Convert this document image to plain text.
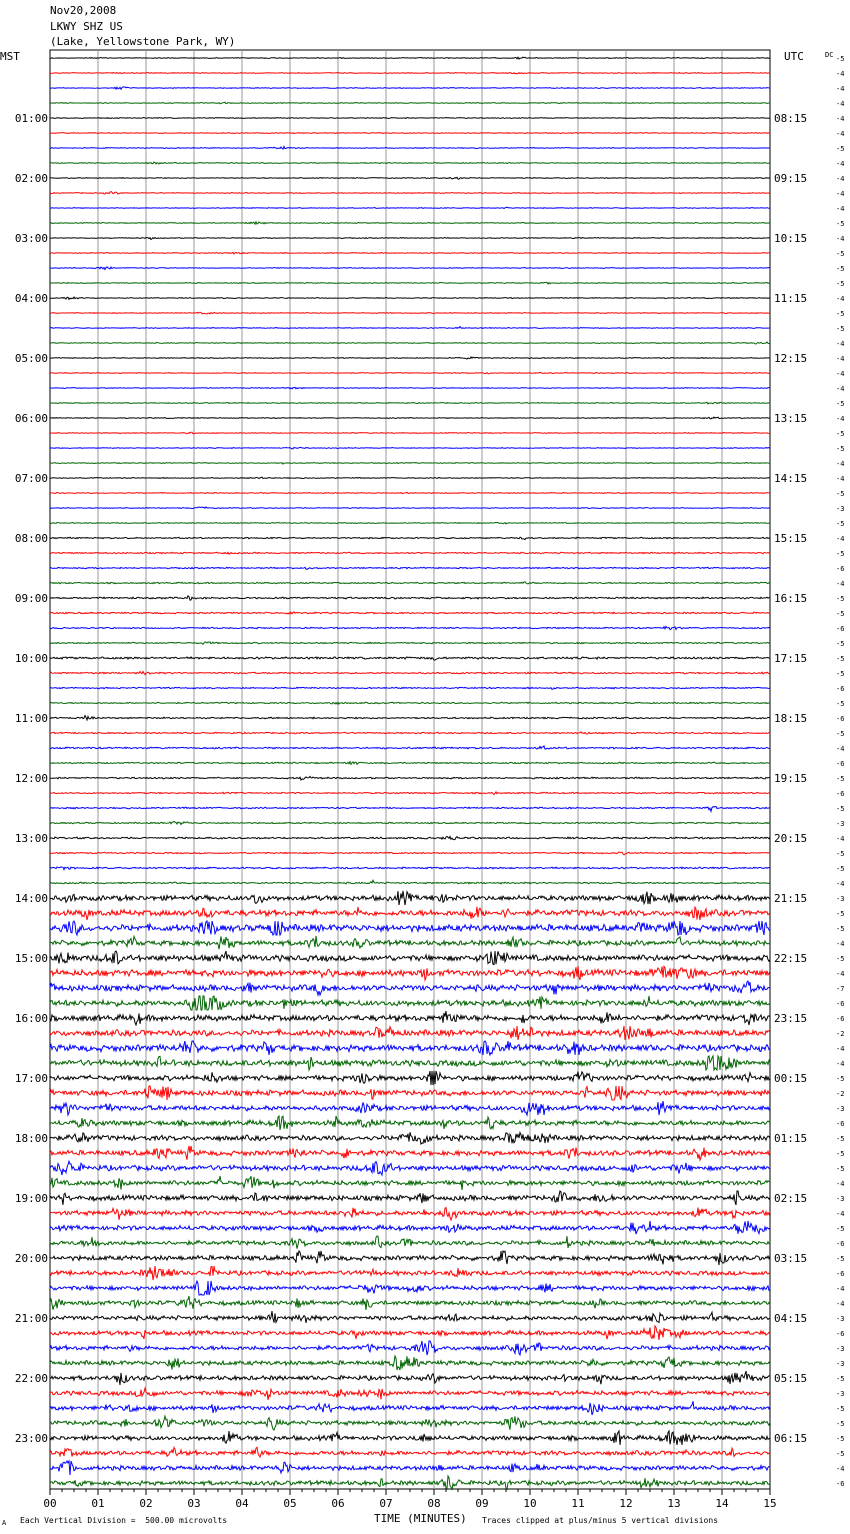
Nov20,2008
LKWY SHZ US
(Lake, Yellowstone Park, WY)
MST	UTC	DC -5
-4
-4
-4
-4
-4
-5
-4
-4
-4
-4
-5
-4
-5
-5
-5
-4
-5
-5
-4
-4
-4
-4
-5
-4
-5
-5
-4
-4
-5
-3
-5
-4
-5
-6
-4
-5
-5
-6
-5
-5
-5
-6
-5
-6
-5
-4
-6
-5
-6
-5
-3
-4
-5
-5
-4
-3
-5
-5
-4
-5
-4
-7
-6
-6
-2
-4
-4
-5
-2
-3
-6
-5
-5
-5
-4
-3
-4
-5
-6
-5
-6
-4
-4
-3
-6
-3
-3
-5
-3
-5
-5
-5
-5
-4
-6
01:00
02:00
03:00
04:00
05:00
06:00
07:00
08:00
09:00
10:00
11:00
12:00
13:00
14:00
15:00
16:00
17:00
18:00
19:00
20:00
21:00
22:00
23:00
08:15
09:15
10:15
11:15
12:15
13:15
14:15
15:15
16:15
17:15
18:15
19:15
20:15
21:15
22:15
23:15
00:15
01:15
02:15
03:15
04:15
05:15
06:15
00	01	02	03	04	05	06	07	08	09	10	11	12	13	14	15
A Each Vertical Division =  500.00 microvolts	TIME (MINUTES) Traces clipped at plus/minus 5 vertical divisions
